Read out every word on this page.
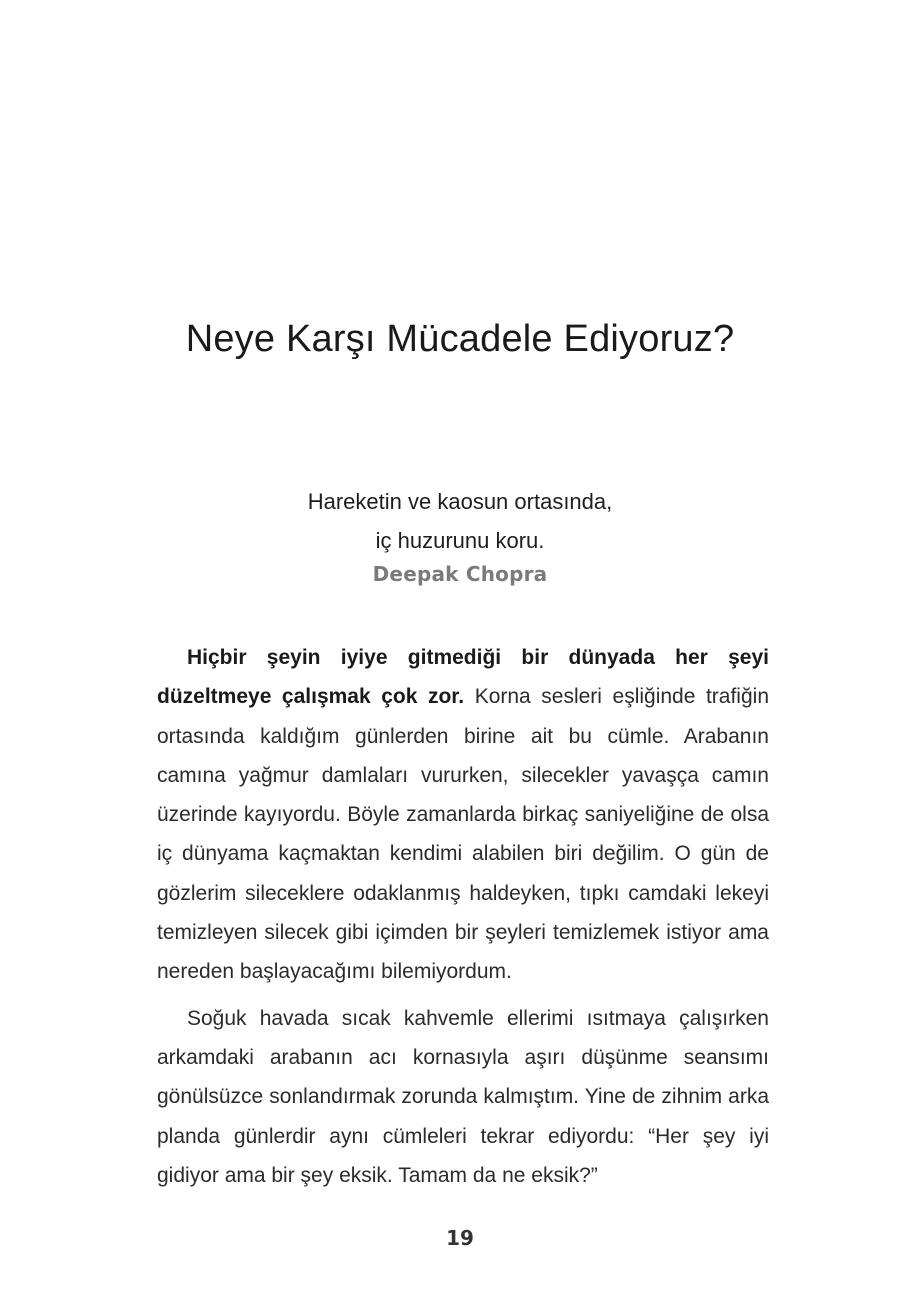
Neye Karşı Mücadele Ediyoruz?
Hareketin ve kaosun ortasında,
iç huzurunu koru.
Deepak Chopra

Hiçbir şeyin iyiye gitmediği bir dünyada her şeyi düzeltmeye çalışmak çok zor. Korna sesleri eşliğinde trafiğin ortasında kaldığım günlerden birine ait bu cümle. Arabanın camına yağmur damlaları vururken, silecekler yavaşça camın üzerinde kayıyordu. Böyle zamanlarda birkaç saniyeliğine de olsa iç dünyama kaçmaktan kendimi alabilen biri değilim. O gün de gözlerim sileceklere odaklanmış haldeyken, tıpkı camdaki lekeyi temizleyen silecek gibi içimden bir şeyleri temizlemek istiyor ama nereden başlayacağımı bilemiyordum.

Soğuk havada sıcak kahvemle ellerimi ısıtmaya çalışırken arkamdaki arabanın acı kornasıyla aşırı düşünme seansımı gönülsüzce sonlandırmak zorunda kalmıştım. Yine de zihnim arka planda günlerdir aynı cümleleri tekrar ediyordu: “Her şey iyi gidiyor ama bir şey eksik. Tamam da ne eksik?”

19
